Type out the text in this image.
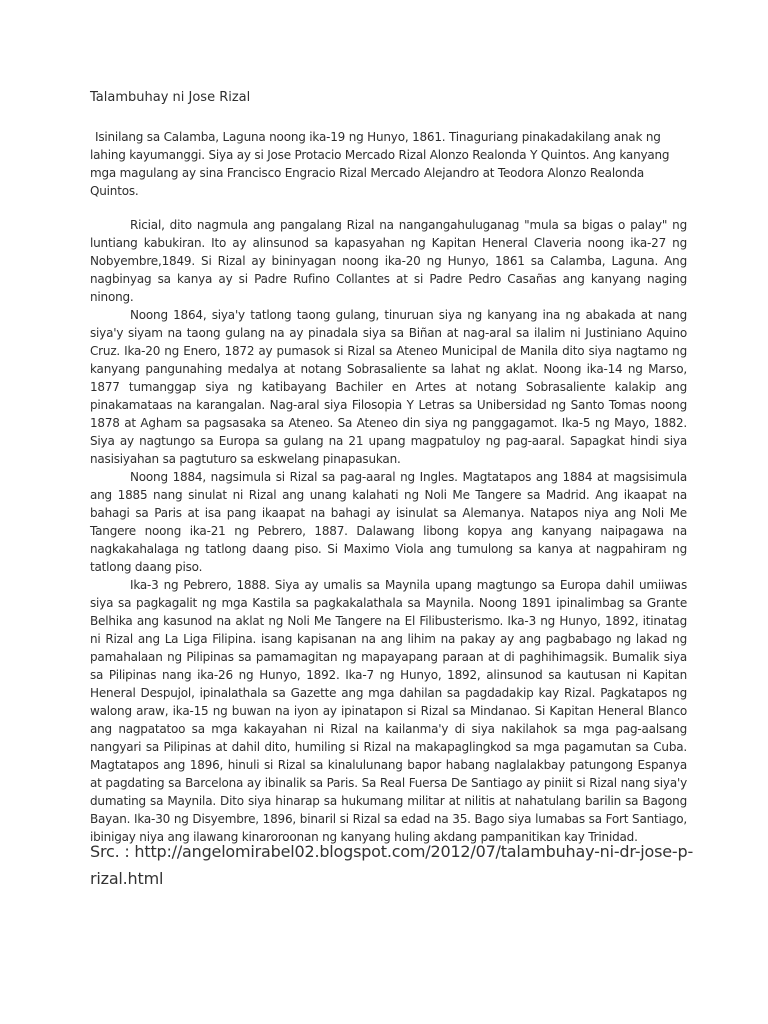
Talambuhay ni Jose Rizal

Isinilang sa Calamba, Laguna noong ika-19 ng Hunyo, 1861. Tinaguriang pinakadakilang anak ng lahing kayumanggi. Siya ay si Jose Protacio Mercado Rizal Alonzo Realonda Y Quintos. Ang kanyang mga magulang ay sina Francisco Engracio Rizal Mercado Alejandro at Teodora Alonzo Realonda Quintos.

Ricial, dito nagmula ang pangalang Rizal na nangangahuluganag "mula sa bigas o palay" ng luntiang kabukiran. Ito ay alinsunod sa kapasyahan ng Kapitan Heneral Claveria noong ika-27 ng Nobyembre,1849. Si Rizal ay bininyagan noong ika-20 ng Hunyo, 1861 sa Calamba, Laguna. Ang nagbinyag sa kanya ay si Padre Rufino Collantes at si Padre Pedro Casañas ang kanyang naging ninong.

Noong 1864, siya'y tatlong taong gulang, tinuruan siya ng kanyang ina ng abakada at nang siya'y siyam na taong gulang na ay pinadala siya sa Biñan at nag-aral sa ilalim ni Justiniano Aquino Cruz. Ika-20 ng Enero, 1872 ay pumasok si Rizal sa Ateneo Municipal de Manila dito siya nagtamo ng kanyang pangunahing medalya at notang Sobrasaliente sa lahat ng aklat. Noong ika-14 ng Marso, 1877 tumanggap siya ng katibayang Bachiler en Artes at notang Sobrasaliente kalakip ang pinakamataas na karangalan. Nag-aral siya Filosopia Y Letras sa Unibersidad ng Santo Tomas noong 1878 at Agham sa pagsasaka sa Ateneo. Sa Ateneo din siya ng panggagamot. Ika-5 ng Mayo, 1882. Siya ay nagtungo sa Europa sa gulang na 21 upang magpatuloy ng pag-aaral. Sapagkat hindi siya nasisiyahan sa pagtuturo sa eskwelang pinapasukan.

Noong 1884, nagsimula si Rizal sa pag-aaral ng Ingles. Magtatapos ang 1884 at magsisimula ang 1885 nang sinulat ni Rizal ang unang kalahati ng Noli Me Tangere sa Madrid. Ang ikaapat na bahagi sa Paris at isa pang ikaapat na bahagi ay isinulat sa Alemanya. Natapos niya ang Noli Me Tangere noong ika-21 ng Pebrero, 1887. Dalawang libong kopya ang kanyang naipagawa na nagkakahalaga ng tatlong daang piso. Si Maximo Viola ang tumulong sa kanya at nagpahiram ng tatlong daang piso.

Ika-3 ng Pebrero, 1888. Siya ay umalis sa Maynila upang magtungo sa Europa dahil umiiwas siya sa pagkagalit ng mga Kastila sa pagkakalathala sa Maynila. Noong 1891 ipinalimbag sa Grante Belhika ang kasunod na aklat ng Noli Me Tangere na El Filibusterismo. Ika-3 ng Hunyo, 1892, itinatag ni Rizal ang La Liga Filipina. isang kapisanan na ang lihim na pakay ay ang pagbabago ng lakad ng pamahalaan ng Pilipinas sa pamamagitan ng mapayapang paraan at di paghihimagsik. Bumalik siya sa Pilipinas nang ika-26 ng Hunyo, 1892. Ika-7 ng Hunyo, 1892, alinsunod sa kautusan ni Kapitan Heneral Despujol, ipinalathala sa Gazette ang mga dahilan sa pagdadakip kay Rizal. Pagkatapos ng walong araw, ika-15 ng buwan na iyon ay ipinatapon si Rizal sa Mindanao. Si Kapitan Heneral Blanco ang nagpatatoo sa mga kakayahan ni Rizal na kailanma'y di siya nakilahok sa mga pag-aalsang nangyari sa Pilipinas at dahil dito, humiling si Rizal na makapaglingkod sa mga pagamutan sa Cuba. Magtatapos ang 1896, hinuli si Rizal sa kinalulunang bapor habang naglalakbay patungong Espanya at pagdating sa Barcelona ay ibinalik sa Paris. Sa Real Fuersa De Santiago ay piniit si Rizal nang siya'y dumating sa Maynila. Dito siya hinarap sa hukumang militar at nilitis at nahatulang barilin sa Bagong Bayan. Ika-30 ng Disyembre, 1896, binaril si Rizal sa edad na 35. Bago siya lumabas sa Fort Santiago, ibinigay niya ang ilawang kinaroroonan ng kanyang huling akdang pampanitikan kay Trinidad.

Src. : http://angelomirabel02.blogspot.com/2012/07/talambuhay-ni-dr-jose-p-rizal.html
